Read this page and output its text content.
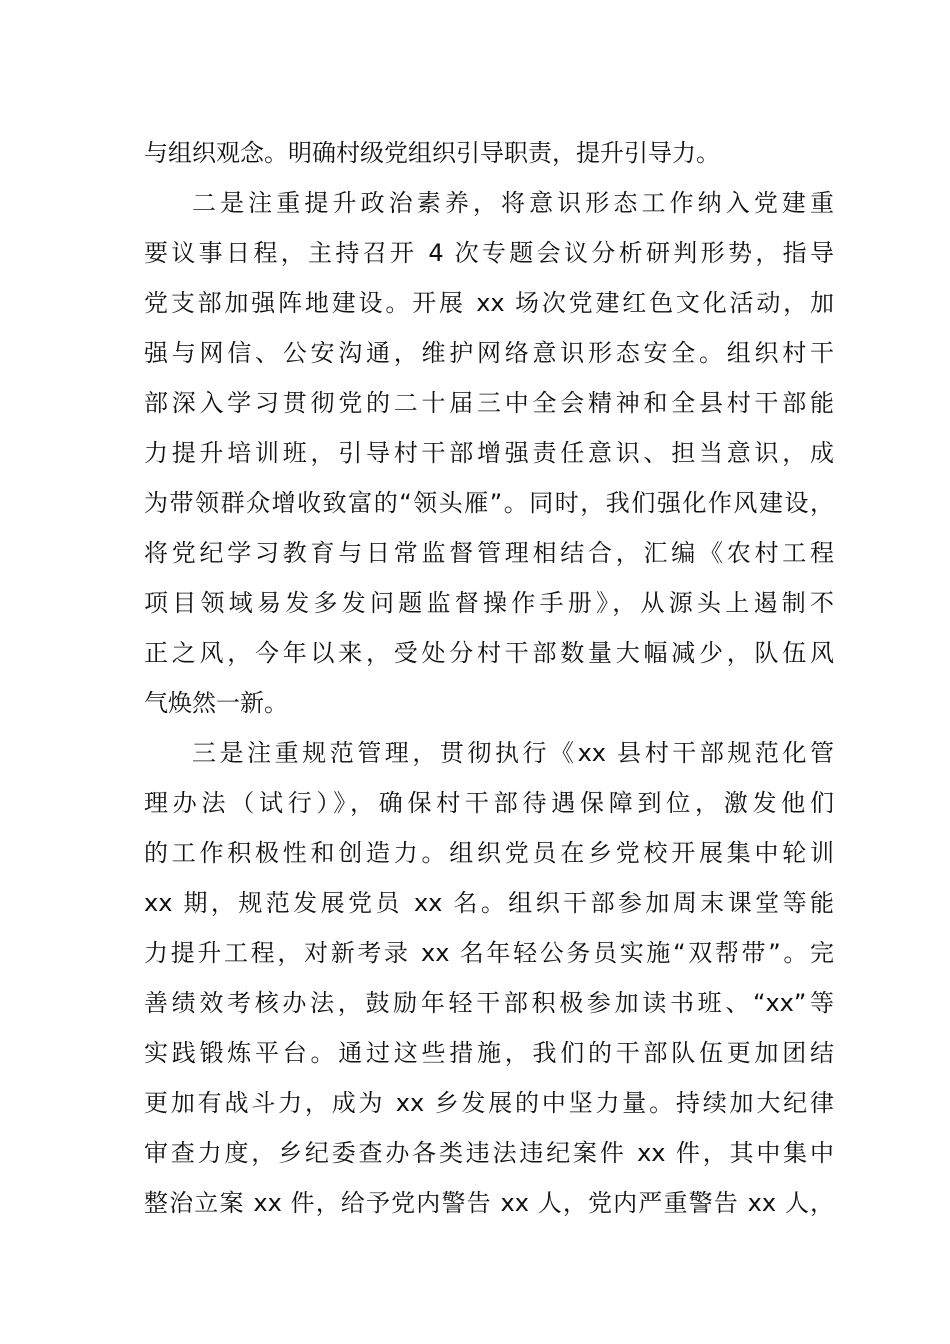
与组织观念。明确村级党组织引导职责，提升引导力。
二是注重提升政治素养，将意识形态工作纳入党建重
要议事日程，主持召开 4 次专题会议分析研判形势，指导
党支部加强阵地建设。开展 xx 场次党建红色文化活动，加
强与网信、公安沟通，维护网络意识形态安全。组织村干
部深入学习贯彻党的二十届三中全会精神和全县村干部能
力提升培训班，引导村干部增强责任意识、担当意识，成
为带领群众增收致富的“领头雁”。同时，我们强化作风建设，
将党纪学习教育与日常监督管理相结合，汇编《农村工程
项目领域易发多发问题监督操作手册》，从源头上遏制不
正之风，今年以来，受处分村干部数量大幅减少，队伍风
气焕然一新。
三是注重规范管理，贯彻执行《xx 县村干部规范化管
理办法（试行）》，确保村干部待遇保障到位，激发他们
的工作积极性和创造力。组织党员在乡党校开展集中轮训
xx 期，规范发展党员 xx 名。组织干部参加周末课堂等能
力提升工程，对新考录 xx 名年轻公务员实施“双帮带”。完
善绩效考核办法，鼓励年轻干部积极参加读书班、“xx”等
实践锻炼平台。通过这些措施，我们的干部队伍更加团结
更加有战斗力，成为 xx 乡发展的中坚力量。持续加大纪律
审查力度，乡纪委查办各类违法违纪案件 xx 件，其中集中
整治立案 xx 件，给予党内警告 xx 人，党内严重警告 xx 人，
